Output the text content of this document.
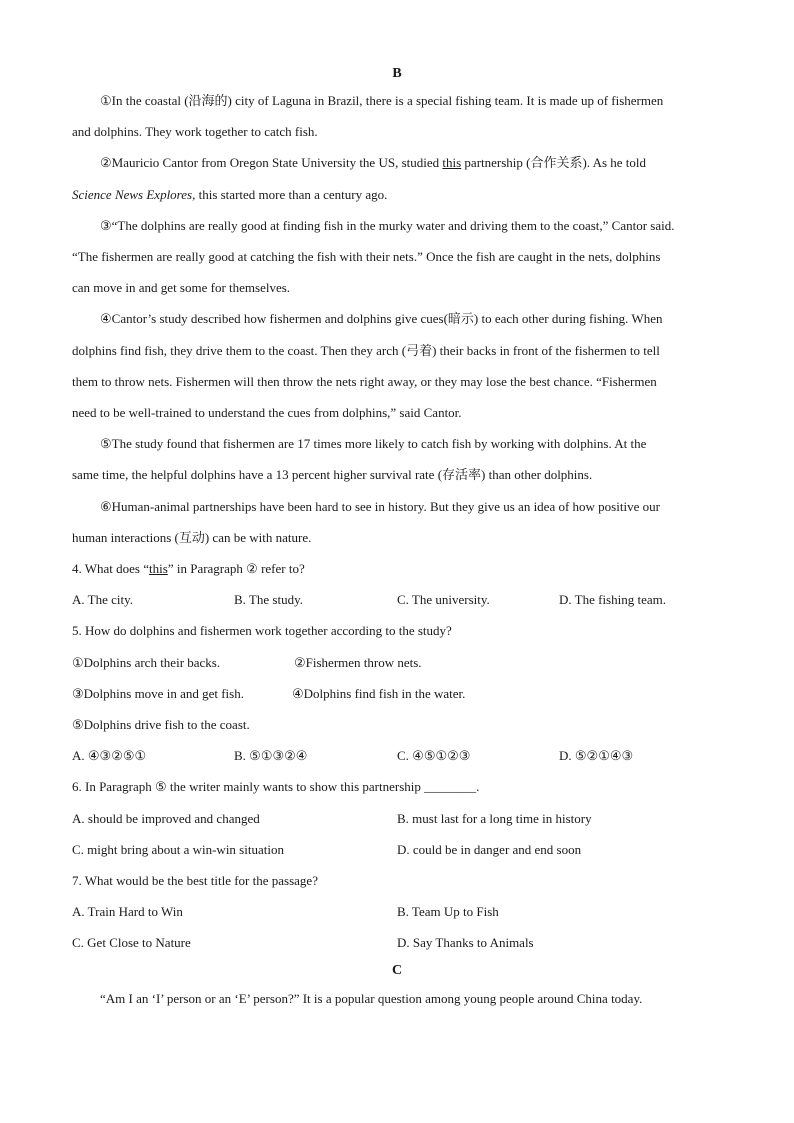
B
①In the coastal (沿海的) city of Laguna in Brazil, there is a special fishing team. It is made up of fishermen
and dolphins. They work together to catch fish.
②Mauricio Cantor from Oregon State University the US, studied this partnership (合作关系). As he told
Science News Explores, this started more than a century ago.
③“The dolphins are really good at finding fish in the murky water and driving them to the coast,” Cantor said.
“The fishermen are really good at catching the fish with their nets.” Once the fish are caught in the nets, dolphins
can move in and get some for themselves.
④Cantor’s study described how fishermen and dolphins give cues(暗示) to each other during fishing. When
dolphins find fish, they drive them to the coast. Then they arch (弓着) their backs in front of the fishermen to tell
them to throw nets. Fishermen will then throw the nets right away, or they may lose the best chance. “Fishermen
need to be well-trained to understand the cues from dolphins,” said Cantor.
⑤The study found that fishermen are 17 times more likely to catch fish by working with dolphins. At the
same time, the helpful dolphins have a 13 percent higher survival rate (存活率) than other dolphins.
⑥Human-animal partnerships have been hard to see in history. But they give us an idea of how positive our
human interactions (互动) can be with nature.
4. What does “this” in Paragraph ② refer to?
A. The city.	B. The study.	C. The university.	D. The fishing team.
5. How do dolphins and fishermen work together according to the study?
①Dolphins arch their backs.	②Fishermen throw nets.
③Dolphins move in and get fish.	④Dolphins find fish in the water.
⑤Dolphins drive fish to the coast.
A. ④③②⑤①	B. ⑤①③②④	C. ④⑤①②③	D. ⑤②①④③
6. In Paragraph ⑤ the writer mainly wants to show this partnership ________.
A. should be improved and changed	B. must last for a long time in history
C. might bring about a win-win situation	D. could be in danger and end soon
7. What would be the best title for the passage?
A. Train Hard to Win	B. Team Up to Fish
C. Get Close to Nature	D. Say Thanks to Animals
C
“Am I an ‘I’ person or an ‘E’ person?” It is a popular question among young people around China today.
